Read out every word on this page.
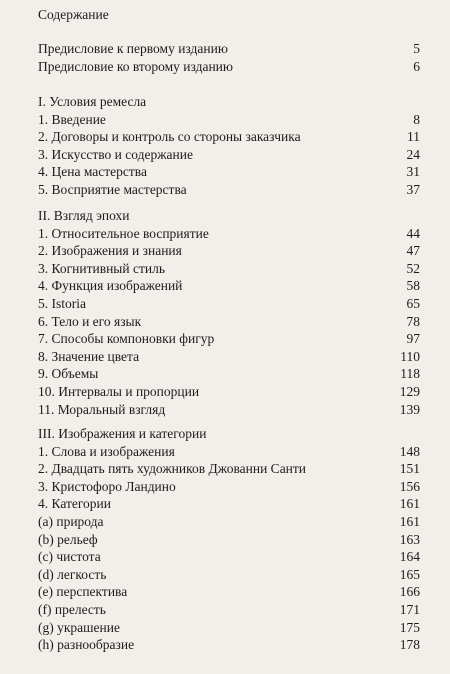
Содержание
Предисловие к первому изданию	5
Предисловие ко второму изданию	6
I. Условия ремесла
1. Введение	8
2. Договоры и контроль со стороны заказчика	11
3. Искусство и содержание	24
4. Цена мастерства	31
5. Восприятие мастерства	37
II. Взгляд эпохи
1. Относительное восприятие	44
2. Изображения и знания	47
3. Когнитивный стиль	52
4. Функция изображений	58
5. Istoria	65
6. Тело и его язык	78
7. Способы компоновки фигур	97
8. Значение цвета	110
9. Объемы	118
10. Интервалы и пропорции	129
11. Моральный взгляд	139
III. Изображения и категории
1. Слова и изображения	148
2. Двадцать пять художников Джованни Санти	151
3. Кристофоро Ландино	156
4. Категории	161
(a) природа	161
(b) рельеф	163
(c) чистота	164
(d) легкость	165
(e) перспектива	166
(f) прелесть	171
(g) украшение	175
(h) разнообразие	178
